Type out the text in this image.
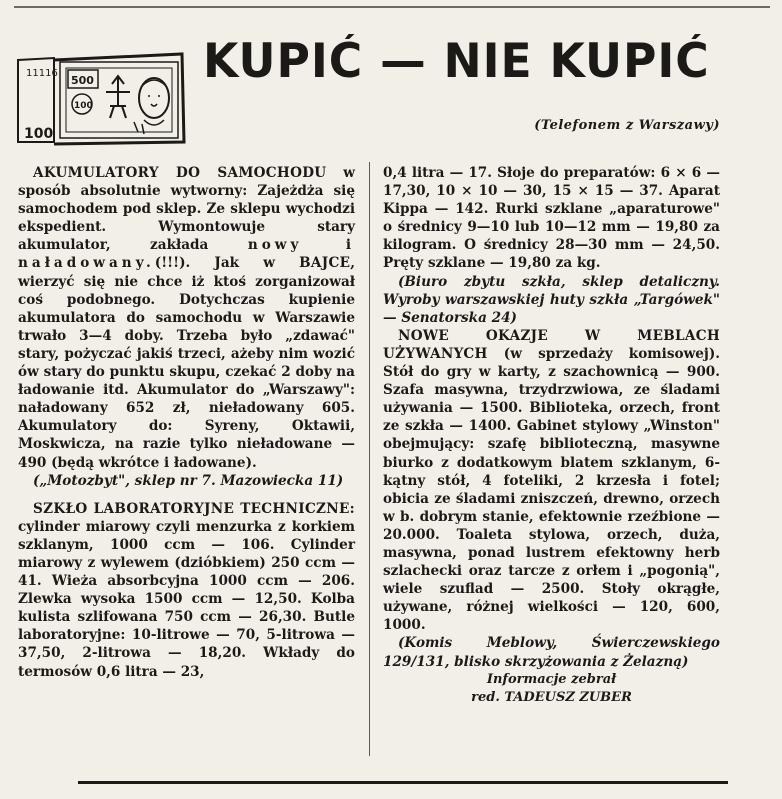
11116
500
100
100
KUPIĆ — NIE KUPIĆ
(Telefonem z Warszawy)

AKUMULATORY DO SAMOCHODU w sposób absolutnie wytworny: Zajeżdża się samochodem pod sklep. Ze sklepu wychodzi ekspedient. Wymontowuje stary akumulator, zakłada nowy i naładowany.(!!!). Jak w BAJCE, wierzyć się nie chce iż ktoś zorganizował coś podobnego. Dotychczas kupienie akumulatora do samochodu w Warszawie trwało 3—4 doby. Trzeba było „zdawać" stary, pożyczać jakiś trzeci, ażeby nim wozić ów stary do punktu skupu, czekać 2 doby na ładowanie itd. Akumulator do „Warszawy": naładowany 652 zł, nieładowany 605. Akumulatory do: Syreny, Oktawii, Moskwicza, na razie tylko nieładowane — 490 (będą wkrótce i ładowane).

(„Motozbyt", sklep nr 7. Mazowiecka 11)

SZKŁO LABORATORYJNE TECHNICZNE: cylinder miarowy czyli menzurka z korkiem szklanym, 1000 ccm — 106. Cylinder miarowy z wylewem (dzióbkiem) 250 ccm — 41. Wieża absorbcyjna 1000 ccm — 206. Zlewka wysoka 1500 ccm — 12,50. Kolba kulista szlifowana 750 ccm — 26,30. Butle laboratoryjne: 10-litrowe — 70, 5-litrowa — 37,50, 2-litrowa — 18,20. Wkłady do termosów 0,6 litra — 23,

0,4 litra — 17. Słoje do preparatów: 6 × 6 — 17,30, 10 × 10 — 30, 15 × 15 — 37. Aparat Kippa — 142. Rurki szklane „aparaturowe" o średnicy 9—10 lub 10—12 mm — 19,80 za kilogram. O średnicy 28—30 mm — 24,50. Pręty szklane — 19,80 za kg.

(Biuro zbytu szkła, sklep detaliczny. Wyroby warszawskiej huty szkła „Targówek" — Senatorska 24)

NOWE OKAZJE W MEBLACH UŻYWANYCH (w sprzedaży komisowej). Stół do gry w karty, z szachownicą — 900. Szafa masywna, trzydrzwiowa, ze śladami używania — 1500. Biblioteka, orzech, front ze szkła — 1400. Gabinet stylowy „Winston" obejmujący: szafę biblioteczną, masywne biurko z dodatkowym blatem szklanym, 6-kątny stół, 4 foteliki, 2 krzesła i fotel; obicia ze śladami zniszczeń, drewno, orzech w b. dobrym stanie, efektownie rzeźbione — 20.000. Toaleta stylowa, orzech, duża, masywna, ponad lustrem efektowny herb szlachecki oraz tarcze z orłem i „pogonią", wiele szuflad — 2500. Stoły okrągłe, używane, różnej wielkości — 120, 600, 1000.

(Komis Meblowy, Świerczewskiego 129/131, blisko skrzyżowania z Żelazną)

Informacje zebrał

red. TADEUSZ ZUBER
